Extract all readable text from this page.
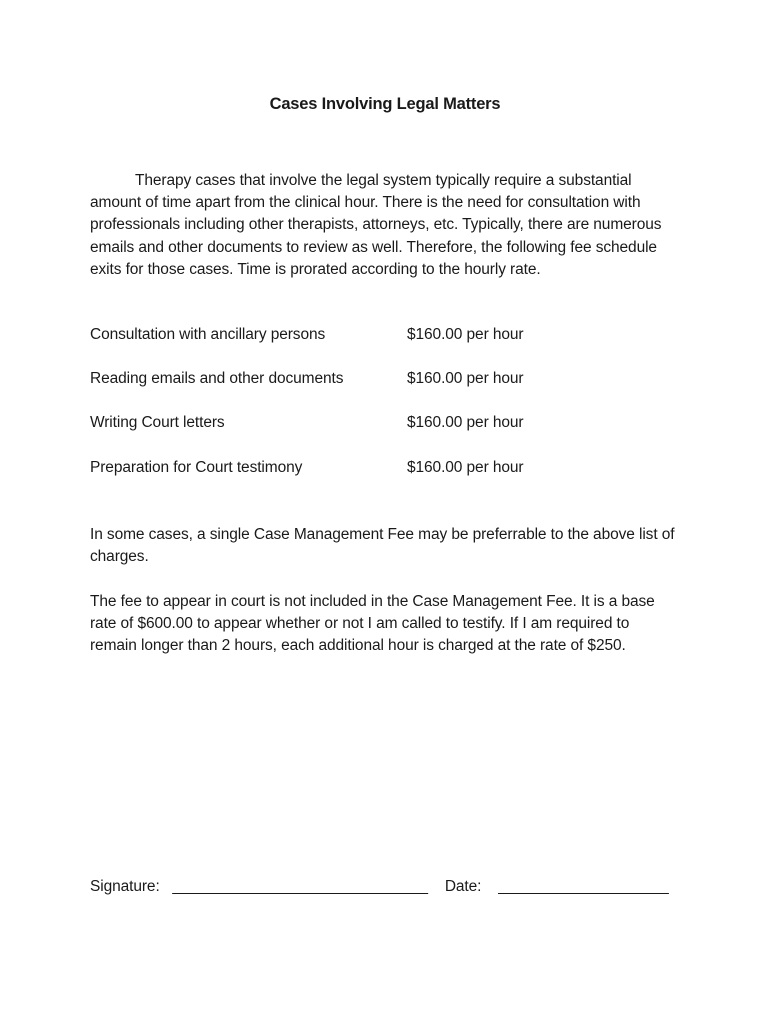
Cases Involving Legal Matters

Therapy cases that involve the legal system typically require a substantial amount of time apart from the clinical hour. There is the need for consultation with professionals including other therapists, attorneys, etc. Typically, there are numerous emails and other documents to review as well. Therefore, the following fee schedule exits for those cases. Time is prorated according to the hourly rate.

Consultation with ancillary persons	$160.00 per hour
Reading emails and other documents	$160.00 per hour
Writing Court letters	$160.00 per hour
Preparation for Court testimony	$160.00 per hour

In some cases, a single Case Management Fee may be preferrable to the above list of charges.

The fee to appear in court is not included in the Case Management Fee. It is a base rate of $600.00 to appear whether or not I am called to testify. If I am required to remain longer than 2 hours, each additional hour is charged at the rate of $250.

Signature: ______________________________ Date: ____________________
